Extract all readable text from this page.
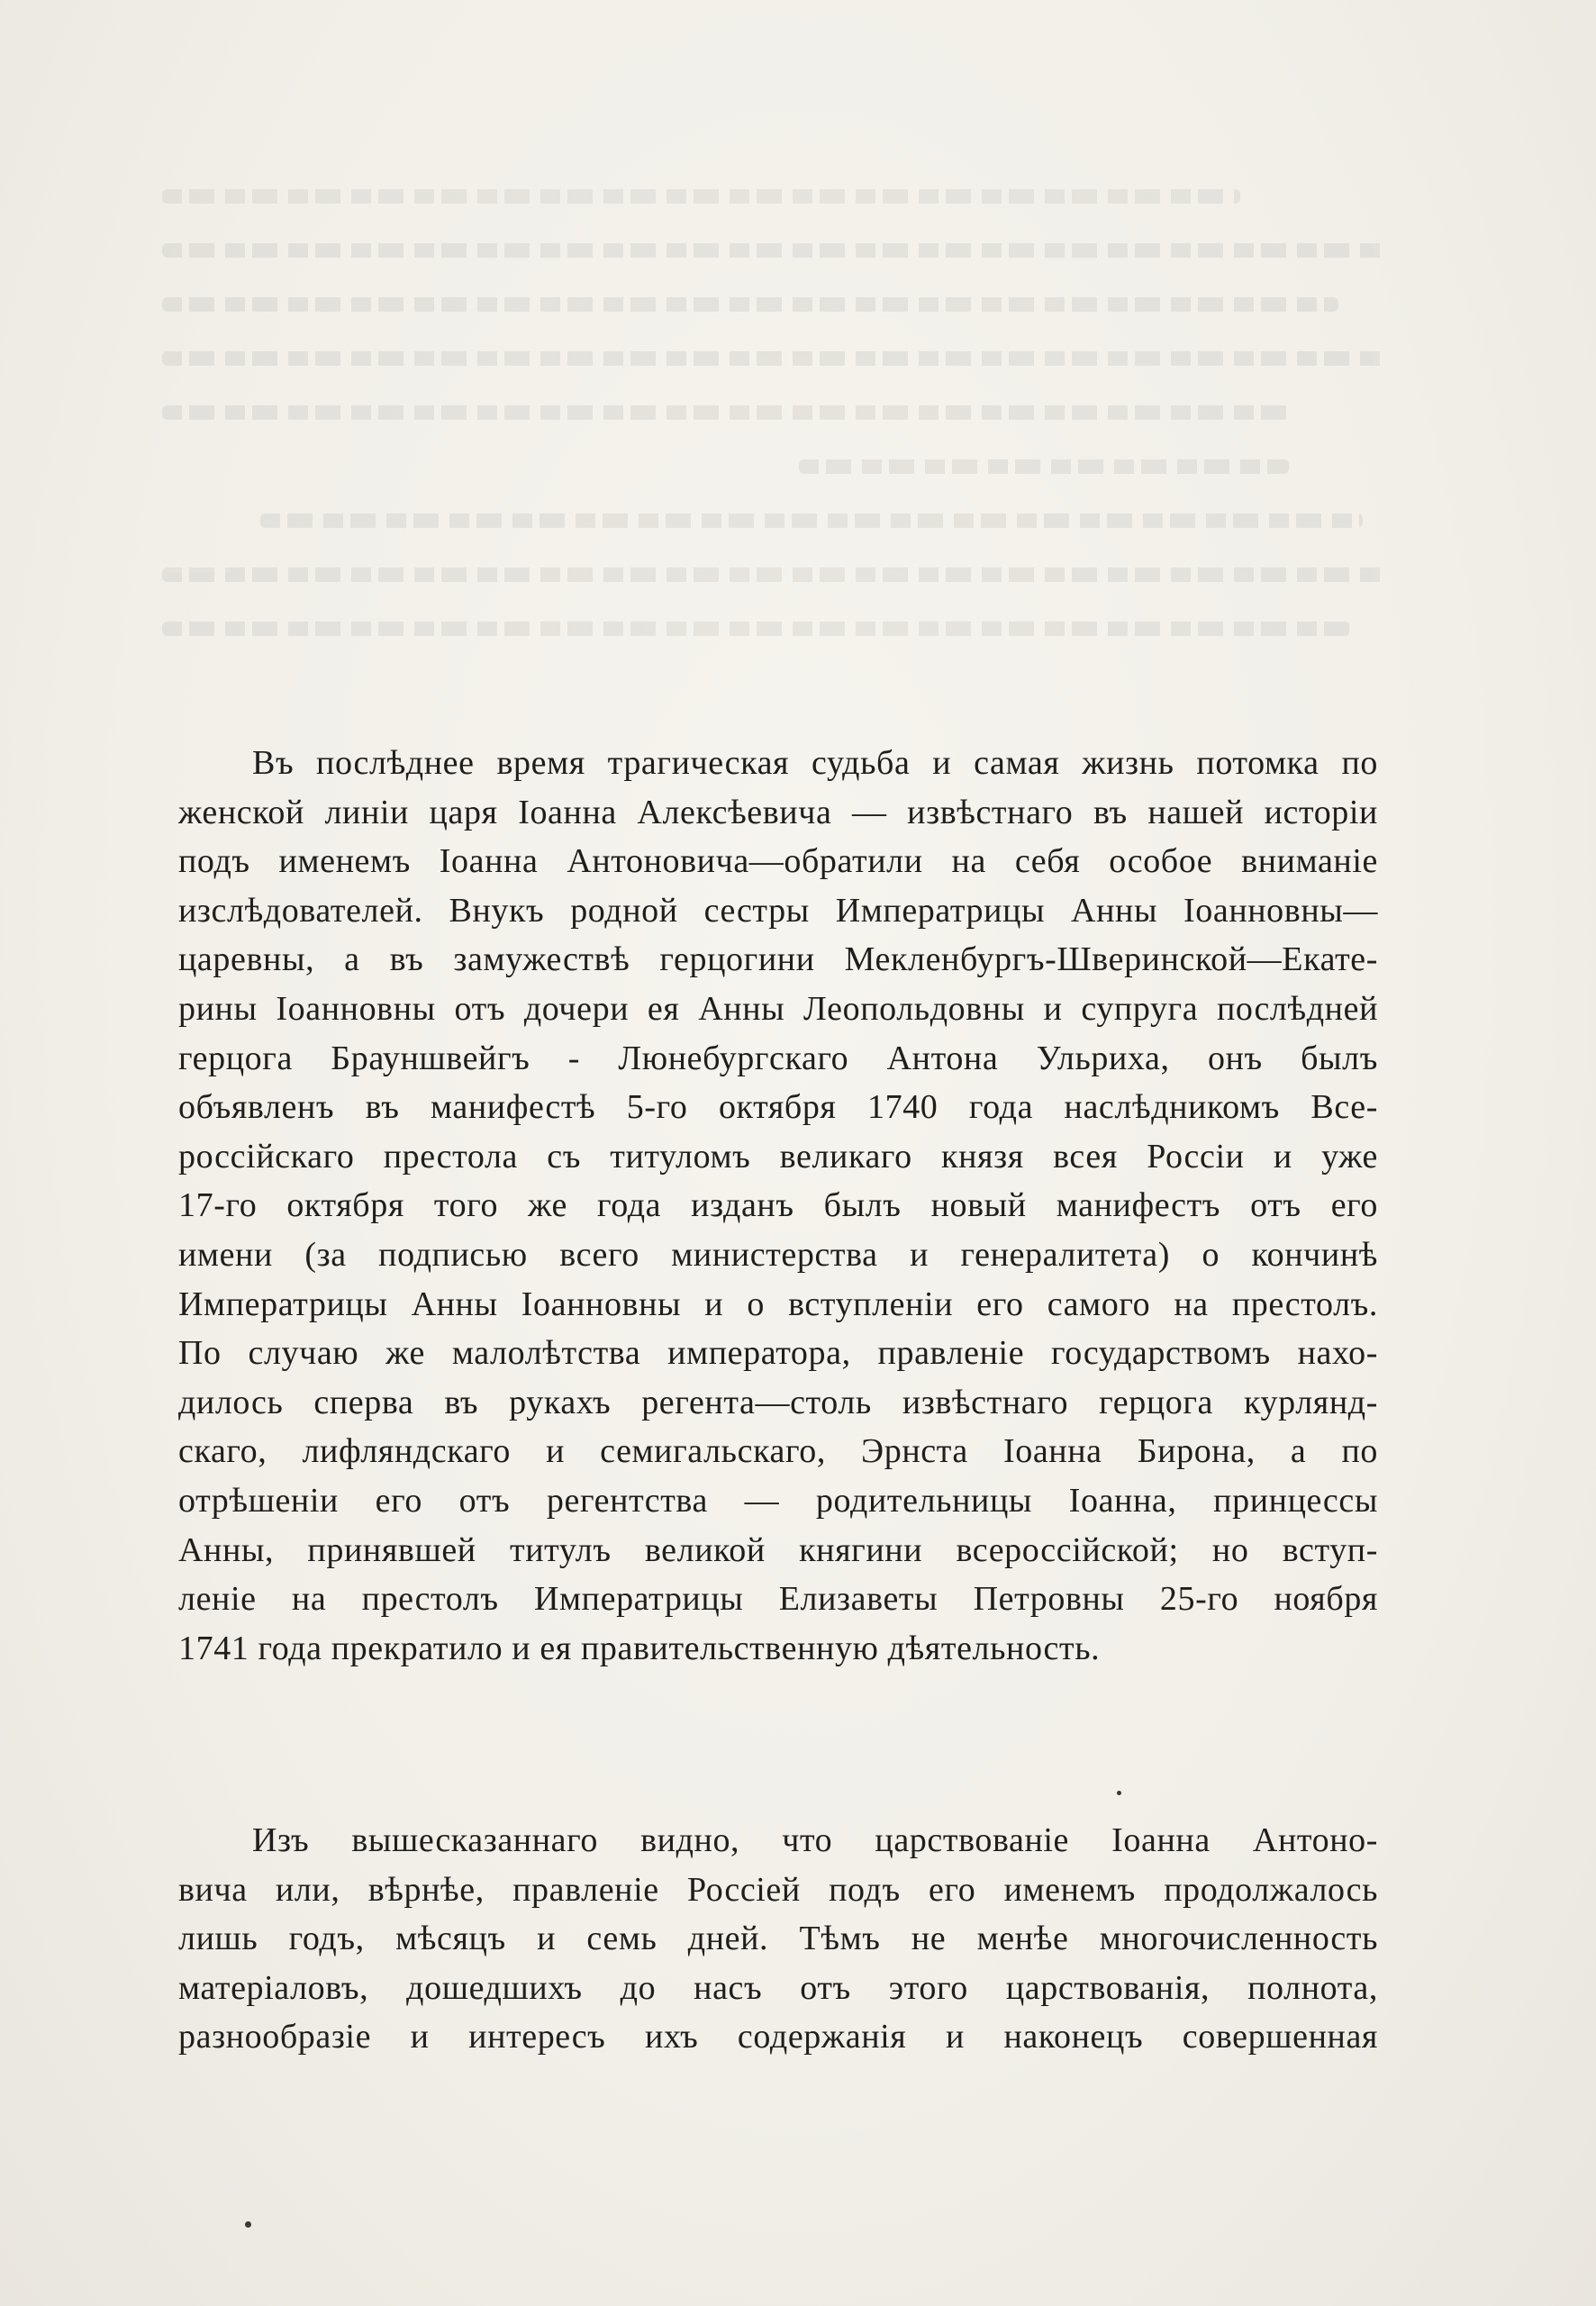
Въ послѣднее время трагическая судьба и самая жизнь потомка по
женской линіи царя Іоанна Алексѣевича — извѣстнаго въ нашей исторіи
подъ именемъ Іоанна Антоновича—обратили на себя особое вниманіе
изслѣдователей. Внукъ родной сестры Императрицы Анны Іоанновны—
царевны, а въ замужествѣ герцогини Мекленбургъ-Шверинской—Екате-
рины Іоанновны отъ дочери ея Анны Леопольдовны и супруга послѣдней
герцога Брауншвейгъ - Люнебургскаго Антона Ульриха, онъ былъ
объявленъ въ манифестѣ 5-го октября 1740 года наслѣдникомъ Все-
россійскаго престола съ титуломъ великаго князя всея Россіи и уже
17-го октября того же года изданъ былъ новый манифестъ отъ его
имени (за подписью всего министерства и генералитета) о кончинѣ
Императрицы Анны Іоанновны и о вступленіи его самого на престолъ.
По случаю же малолѣтства императора, правленіе государствомъ нахо-
дилось сперва въ рукахъ регента—столь извѣстнаго герцога курлянд-
скаго, лифляндскаго и семигальскаго, Эрнста Іоанна Бирона, а по
отрѣшеніи его отъ регентства — родительницы Іоанна, принцессы
Анны, принявшей титулъ великой княгини всероссійской; но вступ-
леніе на престолъ Императрицы Елизаветы Петровны 25-го ноября
1741 года прекратило и ея правительственную дѣятельность.

Изъ вышесказаннаго видно, что царствованіе Іоанна Антоно-
вича или, вѣрнѣе, правленіе Россіей подъ его именемъ продолжалось
лишь годъ, мѣсяцъ и семь дней. Тѣмъ не менѣе многочисленность
матеріаловъ, дошедшихъ до насъ отъ этого царствованія, полнота,
разнообразіе и интересъ ихъ содержанія и наконецъ совершенная
